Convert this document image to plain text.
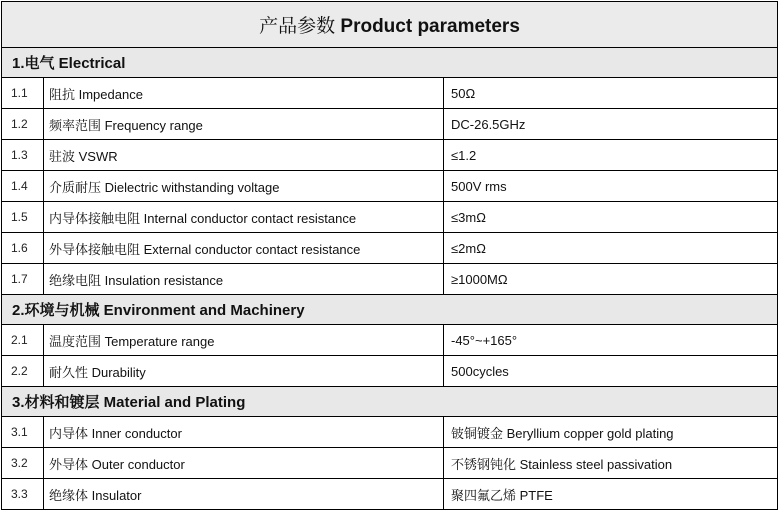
产品参数 Product parameters		
1.电气 Electrical		
1.1	阻抗 Impedance	50Ω
1.2	频率范围 Frequency range	DC-26.5GHz
1.3	驻波 VSWR	≤1.2
1.4	介质耐压 Dielectric withstanding voltage	500V rms
1.5	内导体接触电阻 Internal conductor contact resistance	≤3mΩ
1.6	外导体接触电阻 External conductor contact resistance	≤2mΩ
1.7	绝缘电阻 Insulation resistance	≥1000MΩ
2.环境与机械 Environment and Machinery		
2.1	温度范围 Temperature range	-45°~+165°
2.2	耐久性 Durability	500cycles
3.材料和镀层 Material and Plating		
3.1	内导体 Inner conductor	铍铜镀金 Beryllium copper gold plating
3.2	外导体 Outer conductor	不锈钢钝化 Stainless steel passivation
3.3	绝缘体 Insulator	聚四氟乙烯 PTFE
